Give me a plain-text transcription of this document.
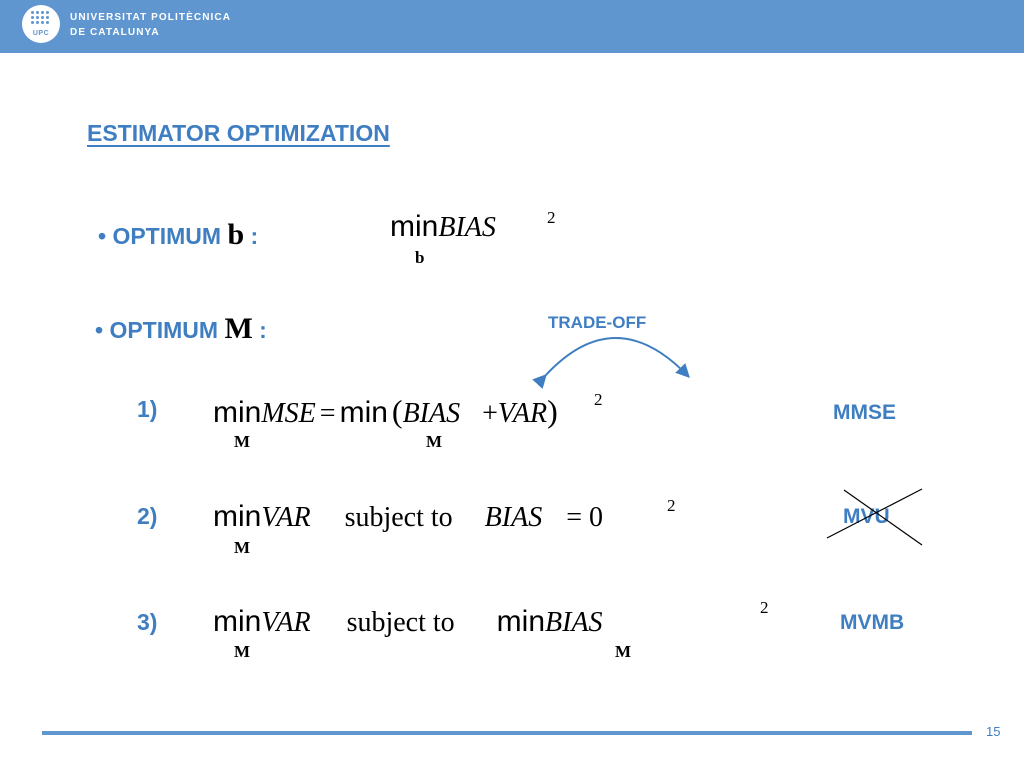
UPC
UNIVERSITAT POLITÈCNICA
DE CATALUNYA
ESTIMATOR OPTIMIZATION
• OPTIMUM b :	minBIAS	2
b
• OPTIMUM M :	TRADE-OFF
1) minMSE = min (BIAS +VAR) 2
M	M
MMSE
2) minVAR subject to BIAS = 0	2
M
MVU
3) minVAR subject to minBIAS	2
M	M
MVMB
15
